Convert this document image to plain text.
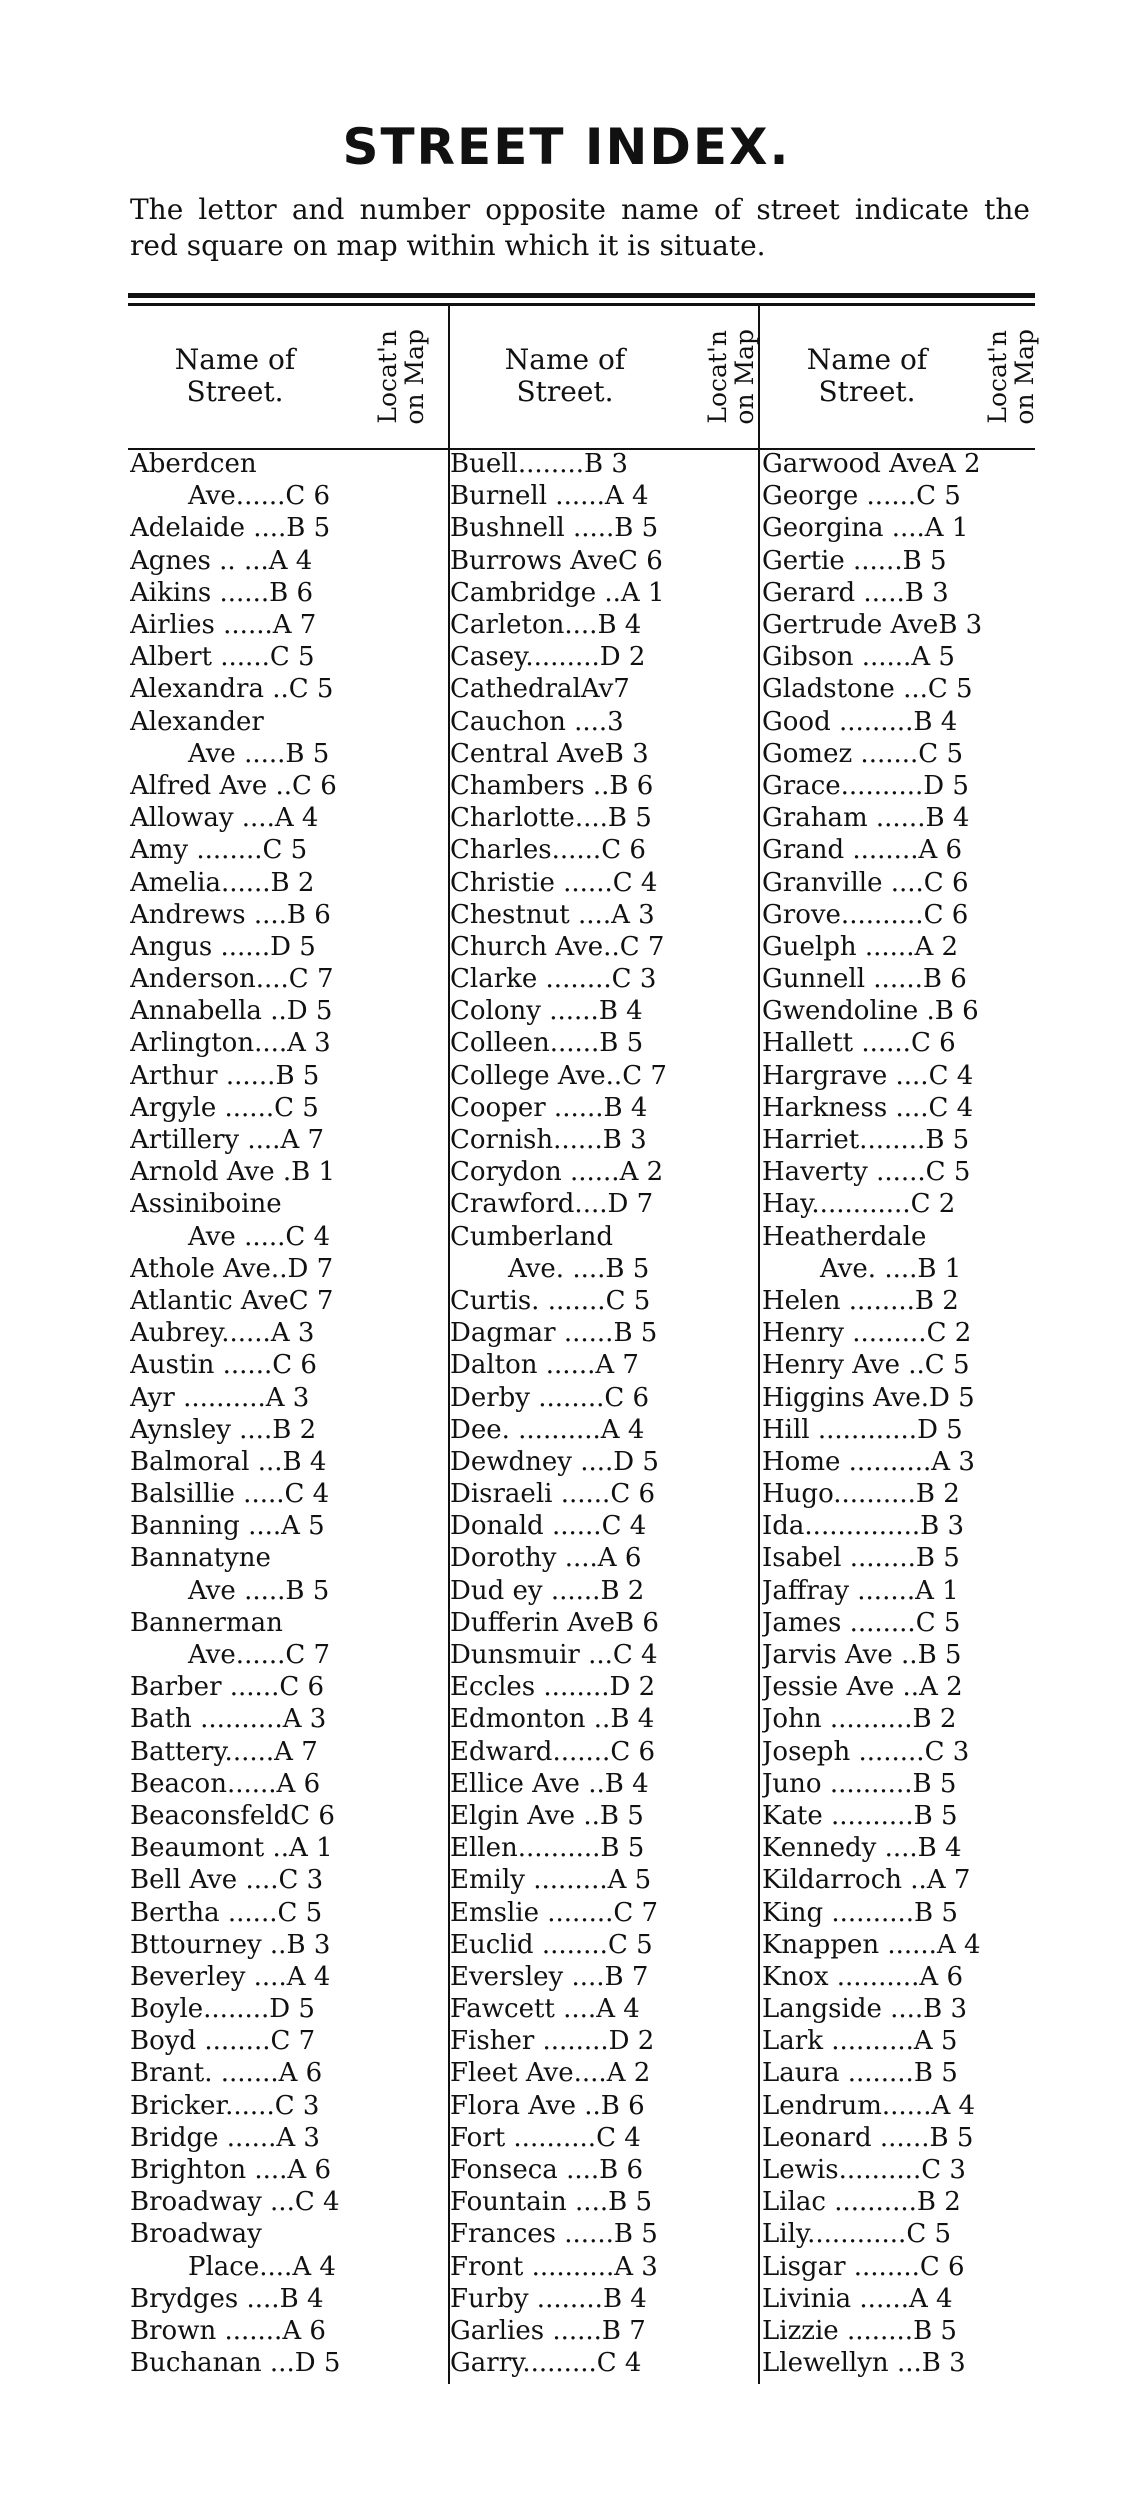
STREET INDEX.
The lettor and number opposite name of street indicate the red square on map within which it is situate.
Name of
Street.	Locat'n
on Map
Aberdcen
Ave...... C 6
Adelaide .... B 5
Agnes .. ... A 4
Aikins ...... B 6
Airlies ...... A 7
Albert ...... C 5
Alexandra .. C 5
Alexander
Ave ..... B 5
Alfred Ave .. C 6
Alloway .... A 4
Amy ........ C 5
Amelia...... B 2
Andrews .... B 6
Angus ...... D 5
Anderson.... C 7
Annabella .. D 5
Arlington.... A 3
Arthur ...... B 5
Argyle ...... C 5
Artillery .... A 7
Arnold Ave . B 1
Assiniboine
Ave ..... C 4
Athole Ave.. D 7
Atlantic Ave C 7
Aubrey...... A 3
Austin ...... C 6
Ayr .......... A 3
Aynsley .... B 2
Balmoral ... B 4
Balsillie ..... C 4
Banning .... A 5
Bannatyne
Ave ..... B 5
Bannerman
Ave...... C 7
Barber ...... C 6
Bath .......... A 3
Battery...... A 7
Beacon...... A 6
Beaconsfeld C 6
Beaumont .. A 1
Bell Ave .... C 3
Bertha ...... C 5
Bttourney .. B 3
Beverley .... A 4
Boyle........ D 5
Boyd ........ C 7
Brant. ....... A 6
Bricker...... C 3
Bridge ...... A 3
Brighton .... A 6
Broadway ... C 4
Broadway
Place.... A 4
Brydges .... B 4
Brown ....... A 6
Buchanan ... D 5
Name of
Street.	Locat'n
on Map
Buell........ B 3
Burnell ...... A 4
Bushnell ..... B 5
Burrows Ave C 6
Cambridge .. A 1
Carleton.... B 4
Casey......... D 2
CathedralAv 7
Cauchon .... 3
Central Ave B 3
Chambers .. B 6
Charlotte.... B 5
Charles...... C 6
Christie ...... C 4
Chestnut .... A 3
Church Ave.. C 7
Clarke ........ C 3
Colony ...... B 4
Colleen...... B 5
College Ave.. C 7
Cooper ...... B 4
Cornish...... B 3
Corydon ...... A 2
Crawford.... D 7
Cumberland
Ave. .... B 5
Curtis. ....... C 5
Dagmar ...... B 5
Dalton ...... A 7
Derby ........ C 6
Dee. .......... A 4
Dewdney .... D 5
Disraeli ...... C 6
Donald ...... C 4
Dorothy .... A 6
Dud ey ...... B 2
Dufferin Ave B 6
Dunsmuir ... C 4
Eccles ........ D 2
Edmonton .. B 4
Edward....... C 6
Ellice Ave .. B 4
Elgin Ave .. B 5
Ellen.......... B 5
Emily ......... A 5
Emslie ........ C 7
Euclid ........ C 5
Eversley .... B 7
Fawcett .... A 4
Fisher ........ D 2
Fleet Ave.... A 2
Flora Ave .. B 6
Fort .......... C 4
Fonseca .... B 6
Fountain .... B 5
Frances ...... B 5
Front .......... A 3
Furby ........ B 4
Garlies ...... B 7
Garry......... C 4
Name of
Street.	Locat'n
on Map
Garwood Ave A 2
George ...... C 5
Georgina .... A 1
Gertie ...... B 5
Gerard ..... B 3
Gertrude Ave B 3
Gibson ...... A 5
Gladstone ... C 5
Good ......... B 4
Gomez ....... C 5
Grace.......... D 5
Graham ...... B 4
Grand ........ A 6
Granville .... C 6
Grove.......... C 6
Guelph ...... A 2
Gunnell ...... B 6
Gwendoline . B 6
Hallett ...... C 6
Hargrave .... C 4
Harkness .... C 4
Harriet........ B 5
Haverty ...... C 5
Hay............ C 2
Heatherdale
Ave. .... B 1
Helen ........ B 2
Henry ......... C 2
Henry Ave .. C 5
Higgins Ave. D 5
Hill ............ D 5
Home .......... A 3
Hugo.......... B 2
Ida.............. B 3
Isabel ........ B 5
Jaffray ....... A 1
James ........ C 5
Jarvis Ave .. B 5
Jessie Ave .. A 2
John .......... B 2
Joseph ........ C 3
Juno .......... B 5
Kate .......... B 5
Kennedy .... B 4
Kildarroch .. A 7
King .......... B 5
Knappen ...... A 4
Knox .......... A 6
Langside .... B 3
Lark .......... A 5
Laura ........ B 5
Lendrum...... A 4
Leonard ...... B 5
Lewis.......... C 3
Lilac .......... B 2
Lily............ C 5
Lisgar ........ C 6
Livinia ...... A 4
Lizzie ........ B 5
Llewellyn ... B 3
